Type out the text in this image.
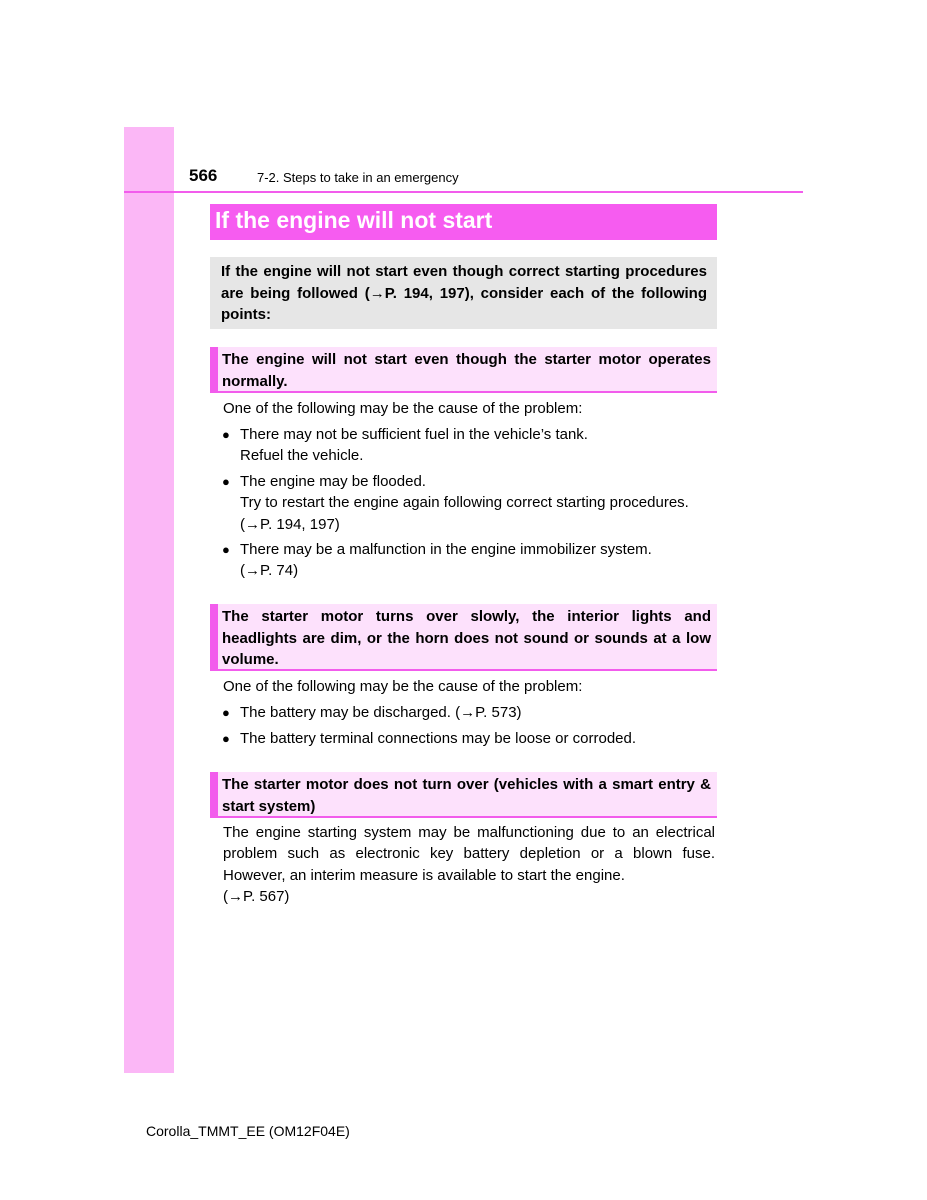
566	7-2. Steps to take in an emergency
If the engine will not start
If the engine will not start even though correct starting procedures are being followed (→P. 194, 197), consider each of the following points:
The engine will not start even though the starter motor operates normally.
One of the following may be the cause of the problem:
● There may not be sufficient fuel in the vehicle’s tank.
Refuel the vehicle.
● The engine may be flooded.
Try to restart the engine again following correct starting procedures. (→P. 194, 197)
● There may be a malfunction in the engine immobilizer system.
(→P. 74)
The starter motor turns over slowly, the interior lights and headlights are dim, or the horn does not sound or sounds at a low volume.
One of the following may be the cause of the problem:
● The battery may be discharged. (→P. 573)
● The battery terminal connections may be loose or corroded.
The starter motor does not turn over (vehicles with a smart entry & start system)
The engine starting system may be malfunctioning due to an electrical problem such as electronic key battery depletion or a blown fuse. However, an interim measure is available to start the engine.
(→P. 567)
Corolla_TMMT_EE (OM12F04E)
